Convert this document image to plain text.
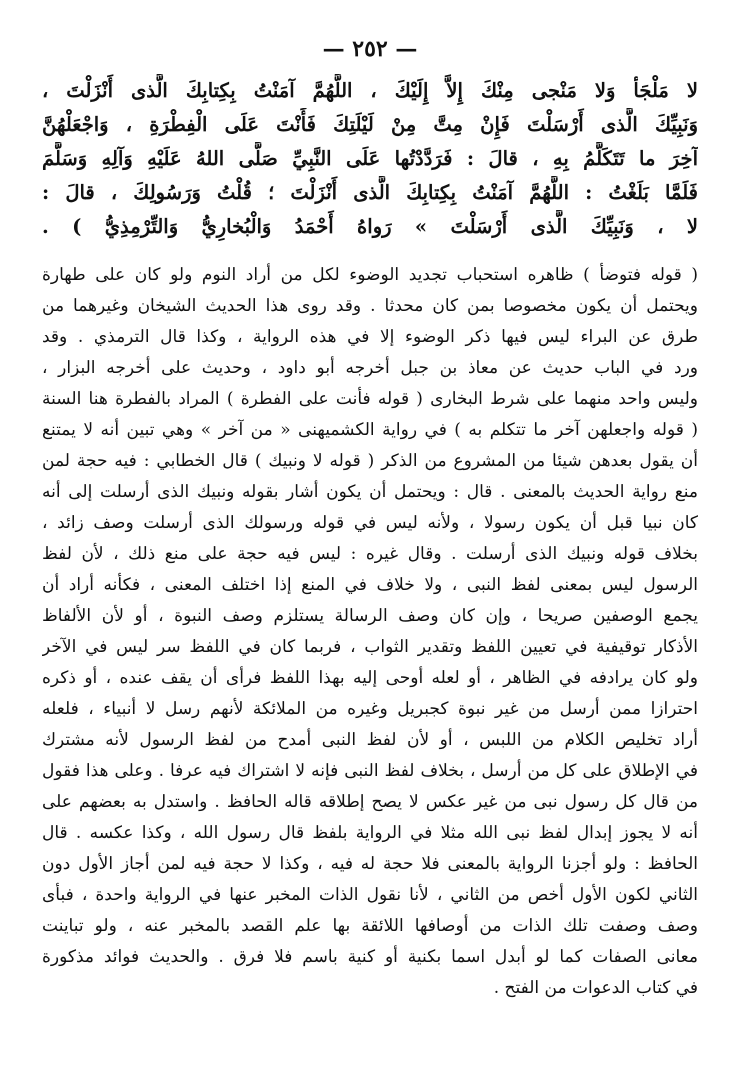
— ٢٥٢ —
لا مَلْجَأ وَلا مَنْجى مِنْكَ إِلاَّ إِلَيْكَ ، اللَّهُمَّ آمَنْتُ بِكِتابِكَ الَّذى أَنْزَلْتَ ،
وَنَبِيِّكَ الَّذى أَرْسَلْتَ فَإِنْ مِتَّ مِنْ لَيْلَتِكَ فَأَنْتَ عَلَى الْفِطْرَةِ ، وَاجْعَلْهُنَّ
آخِرَ ما تَتَكَلَّمُ بِهِ ، قالَ : فَرَدَّدْتُها عَلَى النَّبِيِّ صَلَّى اللهُ عَلَيْهِ وَآلِهِ وَسَلَّمَ
فَلَمَّا بَلَغْتُ : اللَّهُمَّ آمَنْتُ بِكِتابِكَ الَّذى أَنْزَلْتَ ؛ قُلْتُ وَرَسُولِكَ ، قالَ :
لا ، وَنَبِيِّكَ الَّذى أَرْسَلْتَ » رَواهُ أَحْمَدُ وَالْبُخارِيُّ وَالتِّرْمِذِيُّ ) .
( قوله فتوضأ ) ظاهره استحباب تجديد الوضوء لكل من أراد النوم ولو كان على طهارة
ويحتمل أن يكون مخصوصا بمن كان محدثا . وقد روى هذا الحديث الشيخان وغيرهما من
طرق عن البراء ليس فيها ذكر الوضوء إلا في هذه الرواية ، وكذا قال الترمذي . وقد
ورد في الباب حديث عن معاذ بن جبل أخرجه أبو داود ، وحديث على أخرجه البزار ،
وليس واحد منهما على شرط البخارى ( قوله فأنت على الفطرة ) المراد بالفطرة هنا السنة
( قوله واجعلهن آخر ما تتكلم به ) في رواية الكشميهنى « من آخر » وهي تبين أنه لا يمتنع
أن يقول بعدهن شيئا من المشروع من الذكر ( قوله لا ونبيك ) قال الخطابي : فيه حجة لمن
منع رواية الحديث بالمعنى . قال : ويحتمل أن يكون أشار بقوله ونبيك الذى أرسلت إلى أنه
كان نبيا قبل أن يكون رسولا ، ولأنه ليس في قوله ورسولك الذى أرسلت وصف زائد ،
بخلاف قوله ونبيك الذى أرسلت . وقال غيره : ليس فيه حجة على منع ذلك ، لأن لفظ
الرسول ليس بمعنى لفظ النبى ، ولا خلاف في المنع إذا اختلف المعنى ، فكأنه أراد أن
يجمع الوصفين صريحا ، وإن كان وصف الرسالة يستلزم وصف النبوة ، أو لأن الألفاظ
الأذكار توقيفية في تعيين اللفظ وتقدير الثواب ، فربما كان في اللفظ سر ليس في الآخر
ولو كان يرادفه في الظاهر ، أو لعله أوحى إليه بهذا اللفظ فرأى أن يقف عنده ، أو ذكره
احترازا ممن أرسل من غير نبوة كجبريل وغيره من الملائكة لأنهم رسل لا أنبياء ، فلعله
أراد تخليص الكلام من اللبس ، أو لأن لفظ النبى أمدح من لفظ الرسول لأنه مشترك
في الإطلاق على كل من أرسل ، بخلاف لفظ النبى فإنه لا اشتراك فيه عرفا . وعلى هذا فقول
من قال كل رسول نبى من غير عكس لا يصح إطلاقه قاله الحافظ . واستدل به بعضهم على
أنه لا يجوز إبدال لفظ نبى الله مثلا في الرواية بلفظ قال رسول الله ، وكذا عكسه . قال
الحافظ : ولو أجزنا الرواية بالمعنى فلا حجة له فيه ، وكذا لا حجة فيه لمن أجاز الأول دون
الثاني لكون الأول أخص من الثاني ، لأنا نقول الذات المخبر عنها في الرواية واحدة ، فبأى
وصف وصفت تلك الذات من أوصافها اللائقة بها علم القصد بالمخبر عنه ، ولو تباينت
معانى الصفات كما لو أبدل اسما بكنية أو كنية باسم فلا فرق . والحديث فوائد مذكورة
في كتاب الدعوات من الفتح .
